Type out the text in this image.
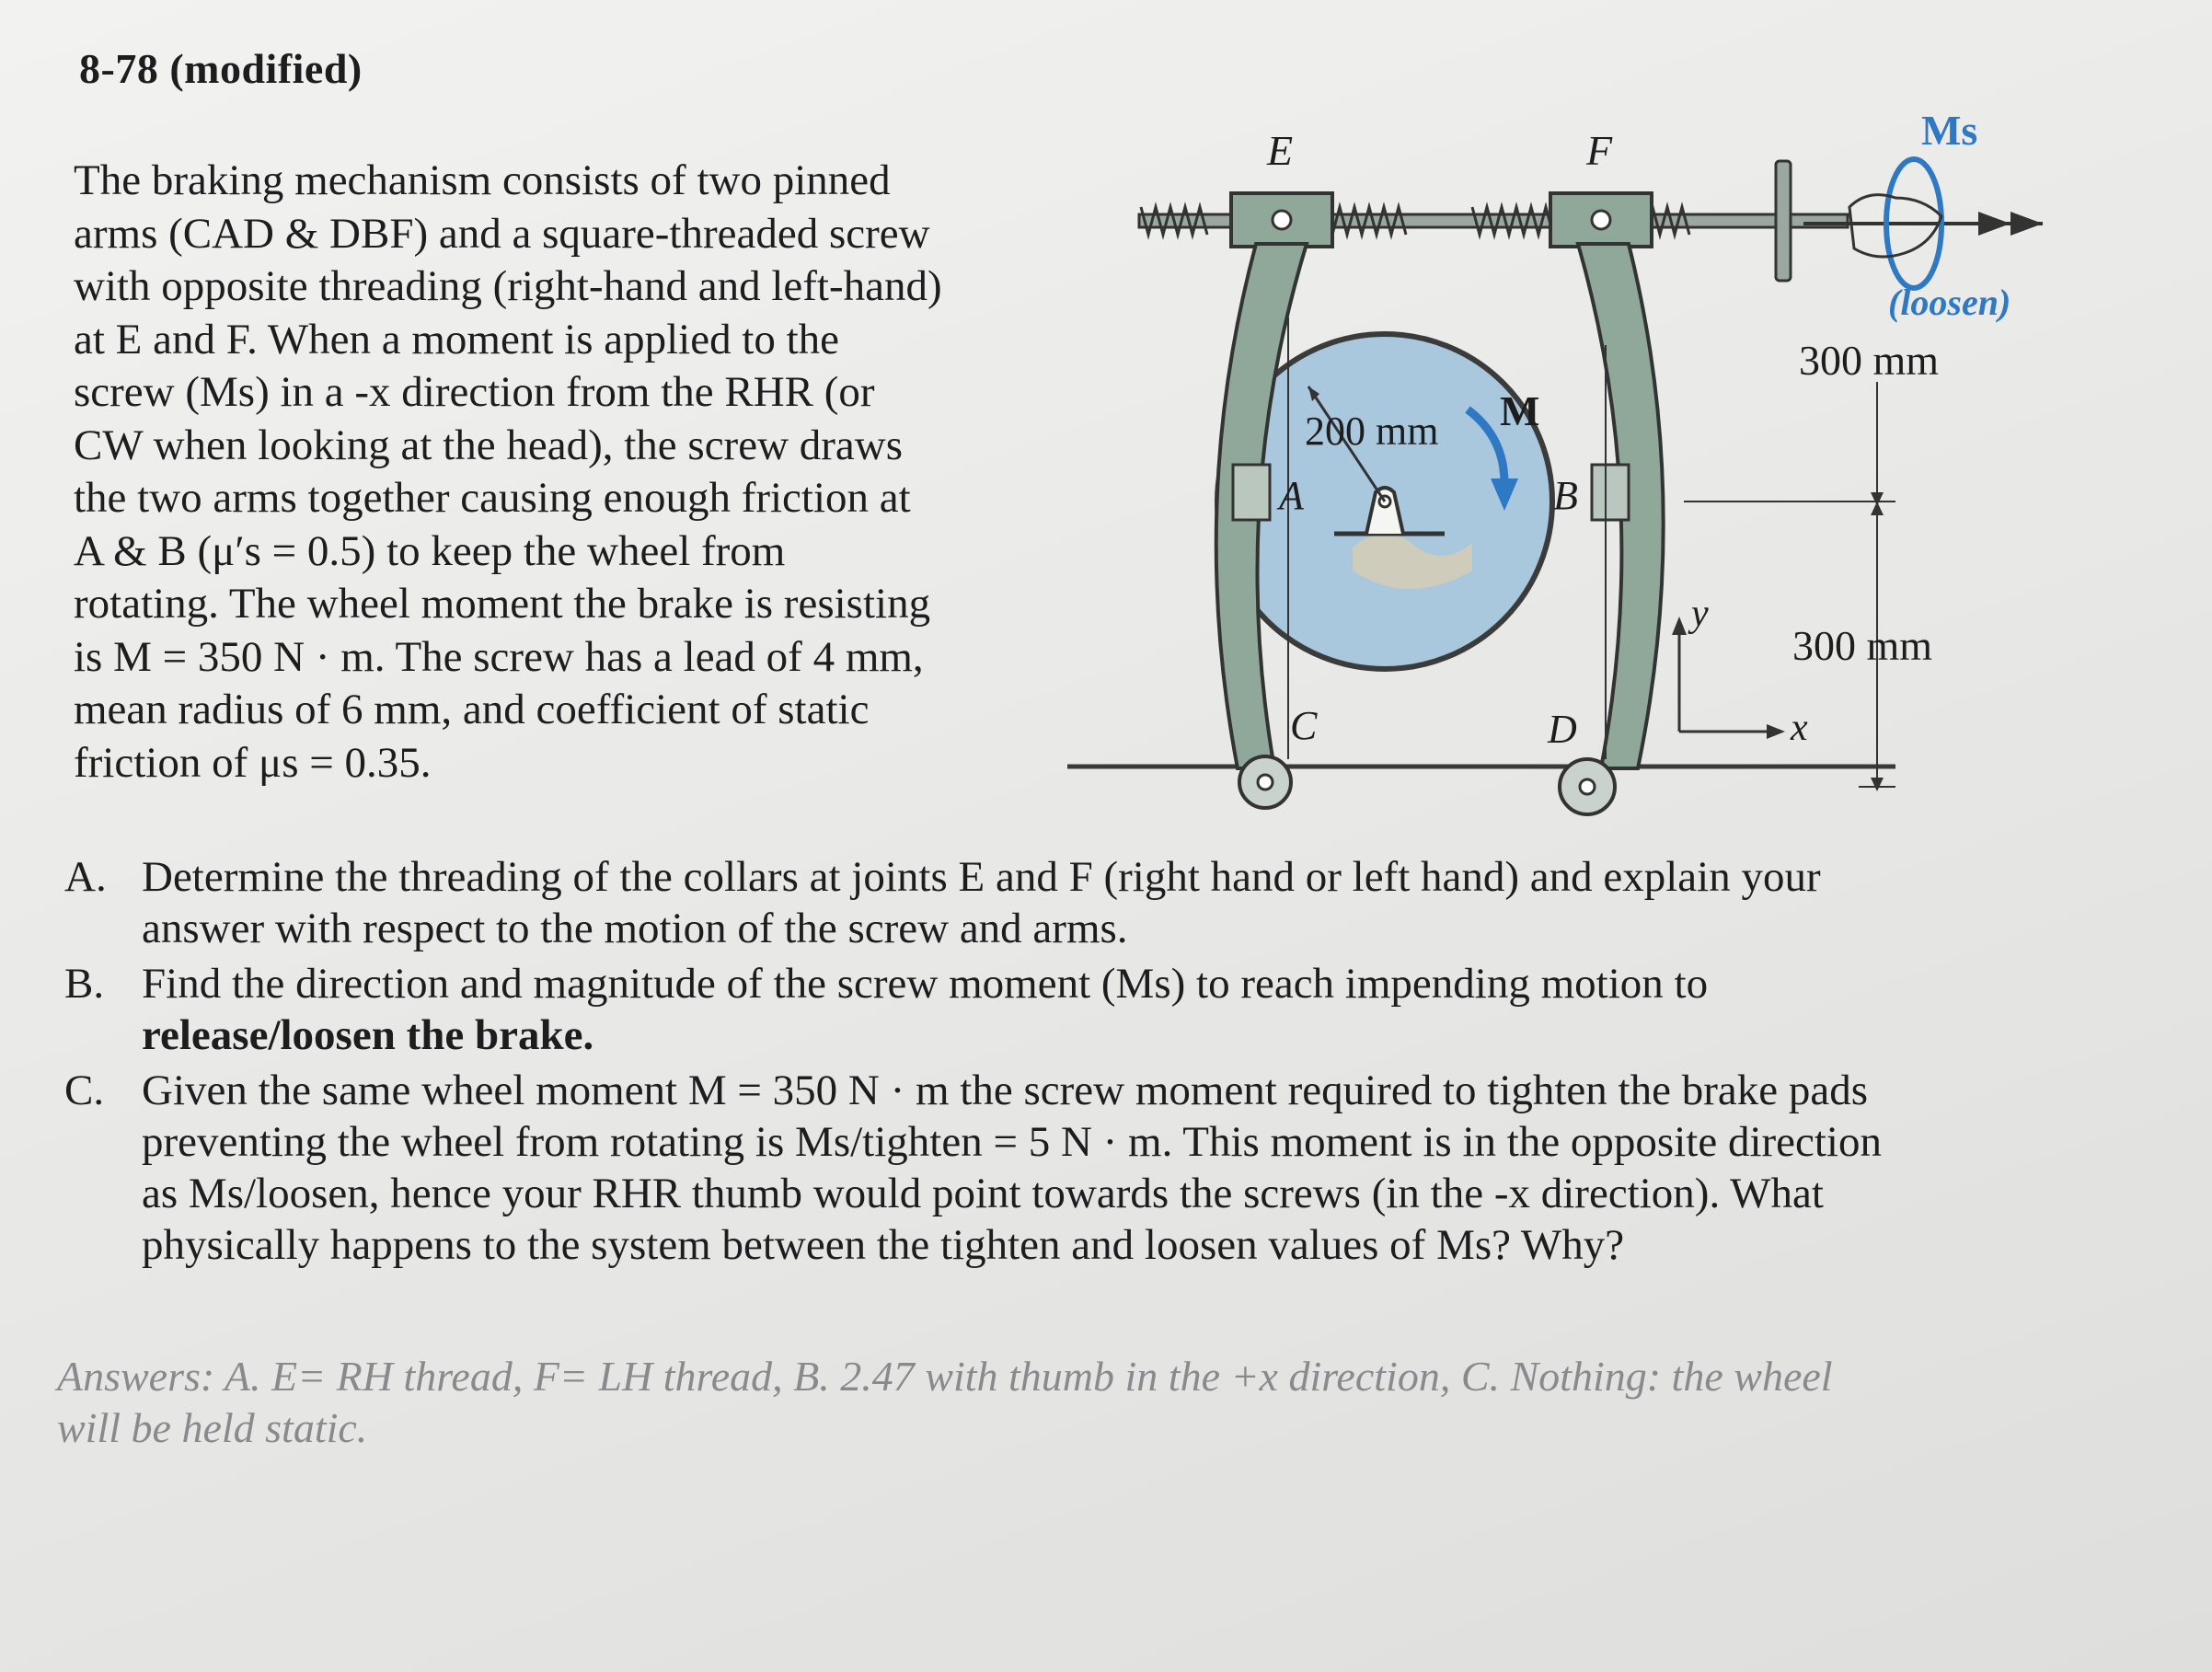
8-78 (modified)
The braking mechanism consists of two pinned
arms (CAD & DBF) and a square-threaded screw
with opposite threading (right-hand and left-hand)
at E and F. When a moment is applied to the
screw (Ms) in a -x direction from the RHR (or
CW when looking at the head), the screw draws
the two arms together causing enough friction at
A & B (μ′s = 0.5) to keep the wheel from
rotating. The wheel moment the brake is resisting
is M = 350 N · m. The screw has a lead of 4 mm,
mean radius of 6 mm, and coefficient of static
friction of μs = 0.35.
E	F	Ms
(loosen)
300 mm
300 mm
200 mm M
A	B
C	D
y
x
A. Determine the threading of the collars at joints E and F (right hand or left hand) and explain your
answer with respect to the motion of the screw and arms.
B. Find the direction and magnitude of the screw moment (Ms) to reach impending motion to
release/loosen the brake.
C. Given the same wheel moment M = 350 N · m the screw moment required to tighten the brake pads
preventing the wheel from rotating is Ms/tighten = 5 N · m. This moment is in the opposite direction
as Ms/loosen, hence your RHR thumb would point towards the screws (in the -x direction). What
physically happens to the system between the tighten and loosen values of Ms? Why?
Answers: A. E= RH thread, F= LH thread, B. 2.47 with thumb in the +x direction, C. Nothing: the wheel
will be held static.
